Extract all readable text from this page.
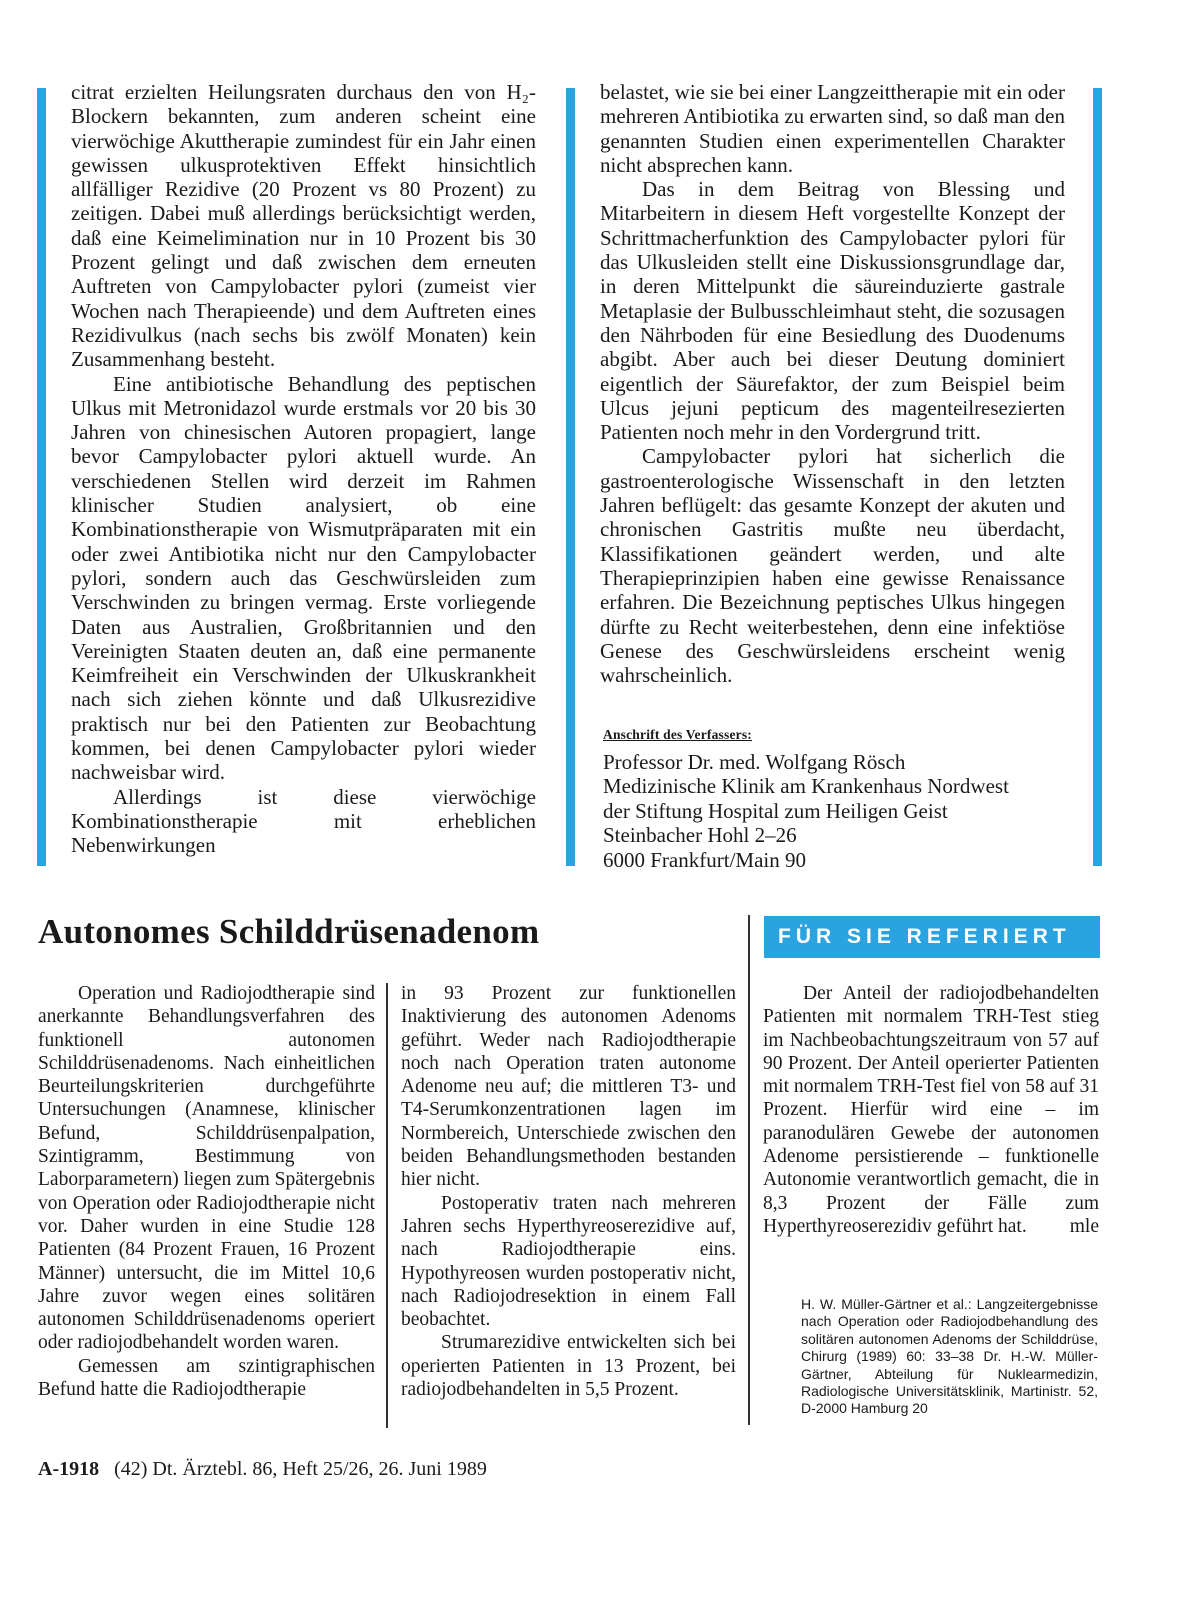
citrat erzielten Heilungsraten durchaus den von H₂-Blockern bekannten, zum anderen scheint eine vierwöchige Akuttherapie zumindest für ein Jahr einen gewissen ulkusprotektiven Effekt hinsichtlich allfälliger Rezidive (20 Prozent vs 80 Prozent) zu zeitigen. Dabei muß allerdings berücksichtigt werden, daß eine Keimelimination nur in 10 Prozent bis 30 Prozent gelingt und daß zwischen dem erneuten Auftreten von Campylobacter pylori (zumeist vier Wochen nach Therapieende) und dem Auftreten eines Rezidivulkus (nach sechs bis zwölf Monaten) kein Zusammenhang besteht.

Eine antibiotische Behandlung des peptischen Ulkus mit Metronidazol wurde erstmals vor 20 bis 30 Jahren von chinesischen Autoren propagiert, lange bevor Campylobacter pylori aktuell wurde. An verschiedenen Stellen wird derzeit im Rahmen klinischer Studien analysiert, ob eine Kombinationstherapie von Wismutpräparaten mit ein oder zwei Antibiotika nicht nur den Campylobacter pylori, sondern auch das Geschwürsleiden zum Verschwinden zu bringen vermag. Erste vorliegende Daten aus Australien, Großbritannien und den Vereinigten Staaten deuten an, daß eine permanente Keimfreiheit ein Verschwinden der Ulkuskrankheit nach sich ziehen könnte und daß Ulkusrezidive praktisch nur bei den Patienten zur Beobachtung kommen, bei denen Campylobacter pylori wieder nachweisbar wird.

Allerdings ist diese vierwöchige Kombinationstherapie mit erheblichen Nebenwirkungen

belastet, wie sie bei einer Langzeittherapie mit ein oder mehreren Antibiotika zu erwarten sind, so daß man den genannten Studien einen experimentellen Charakter nicht absprechen kann.

Das in dem Beitrag von Blessing und Mitarbeitern in diesem Heft vorgestellte Konzept der Schrittmacherfunktion des Campylobacter pylori für das Ulkusleiden stellt eine Diskussionsgrundlage dar, in deren Mittelpunkt die säureinduzierte gastrale Metaplasie der Bulbusschleimhaut steht, die sozusagen den Nährboden für eine Besiedlung des Duodenums abgibt. Aber auch bei dieser Deutung dominiert eigentlich der Säurefaktor, der zum Beispiel beim Ulcus jejuni pepticum des magenteilresezierten Patienten noch mehr in den Vordergrund tritt.

Campylobacter pylori hat sicherlich die gastroenterologische Wissenschaft in den letzten Jahren beflügelt: das gesamte Konzept der akuten und chronischen Gastritis mußte neu überdacht, Klassifikationen geändert werden, und alte Therapieprinzipien haben eine gewisse Renaissance erfahren. Die Bezeichnung peptisches Ulkus hingegen dürfte zu Recht weiterbestehen, denn eine infektiöse Genese des Geschwürsleidens erscheint wenig wahrscheinlich.

Anschrift des Verfassers:
Professor Dr. med. Wolfgang Rösch
Medizinische Klinik am Krankenhaus Nordwest
der Stiftung Hospital zum Heiligen Geist
Steinbacher Hohl 2–26
6000 Frankfurt/Main 90
Autonomes Schilddrüsenadenom	FÜR SIE REFERIERT

Operation und Radiojodtherapie sind anerkannte Behandlungsverfahren des funktionell autonomen Schilddrüsenadenoms. Nach einheitlichen Beurteilungskriterien durchgeführte Untersuchungen (Anamnese, klinischer Befund, Schilddrüsenpalpation, Szintigramm, Bestimmung von Laborparametern) liegen zum Spätergebnis von Operation oder Radiojodtherapie nicht vor. Daher wurden in eine Studie 128 Patienten (84 Prozent Frauen, 16 Prozent Männer) untersucht, die im Mittel 10,6 Jahre zuvor wegen eines solitären autonomen Schilddrüsenadenoms operiert oder radiojodbehandelt worden waren.

Gemessen am szintigraphischen Befund hatte die Radiojodtherapie

in 93 Prozent zur funktionellen Inaktivierung des autonomen Adenoms geführt. Weder nach Radiojodtherapie noch nach Operation traten autonome Adenome neu auf; die mittleren T3- und T4-Serumkonzentrationen lagen im Normbereich, Unterschiede zwischen den beiden Behandlungsmethoden bestanden hier nicht.

Postoperativ traten nach mehreren Jahren sechs Hyperthyreoserezidive auf, nach Radiojodtherapie eins. Hypothyreosen wurden postoperativ nicht, nach Radiojodresektion in einem Fall beobachtet.

Strumarezidive entwickelten sich bei operierten Patienten in 13 Prozent, bei radiojodbehandelten in 5,5 Prozent.

Der Anteil der radiojodbehandelten Patienten mit normalem TRH-Test stieg im Nachbeobachtungszeitraum von 57 auf 90 Prozent. Der Anteil operierter Patienten mit normalem TRH-Test fiel von 58 auf 31 Prozent. Hierfür wird eine – im paranodulären Gewebe der autonomen Adenome persistierende – funktionelle Autonomie verantwortlich gemacht, die in 8,3 Prozent der Fälle zum Hyperthyreoserezidiv geführt hat.	mle

H. W. Müller-Gärtner et al.: Langzeitergebnisse nach Operation oder Radiojodbehandlung des solitären autonomen Adenoms der Schilddrüse, Chirurg (1989) 60: 33–38 Dr. H.-W. Müller-Gärtner, Abteilung für Nuklearmedizin, Radiologische Universitätsklinik, Martinistr. 52, D-2000 Hamburg 20
A-1918 (42) Dt. Ärztebl. 86, Heft 25/26, 26. Juni 1989
